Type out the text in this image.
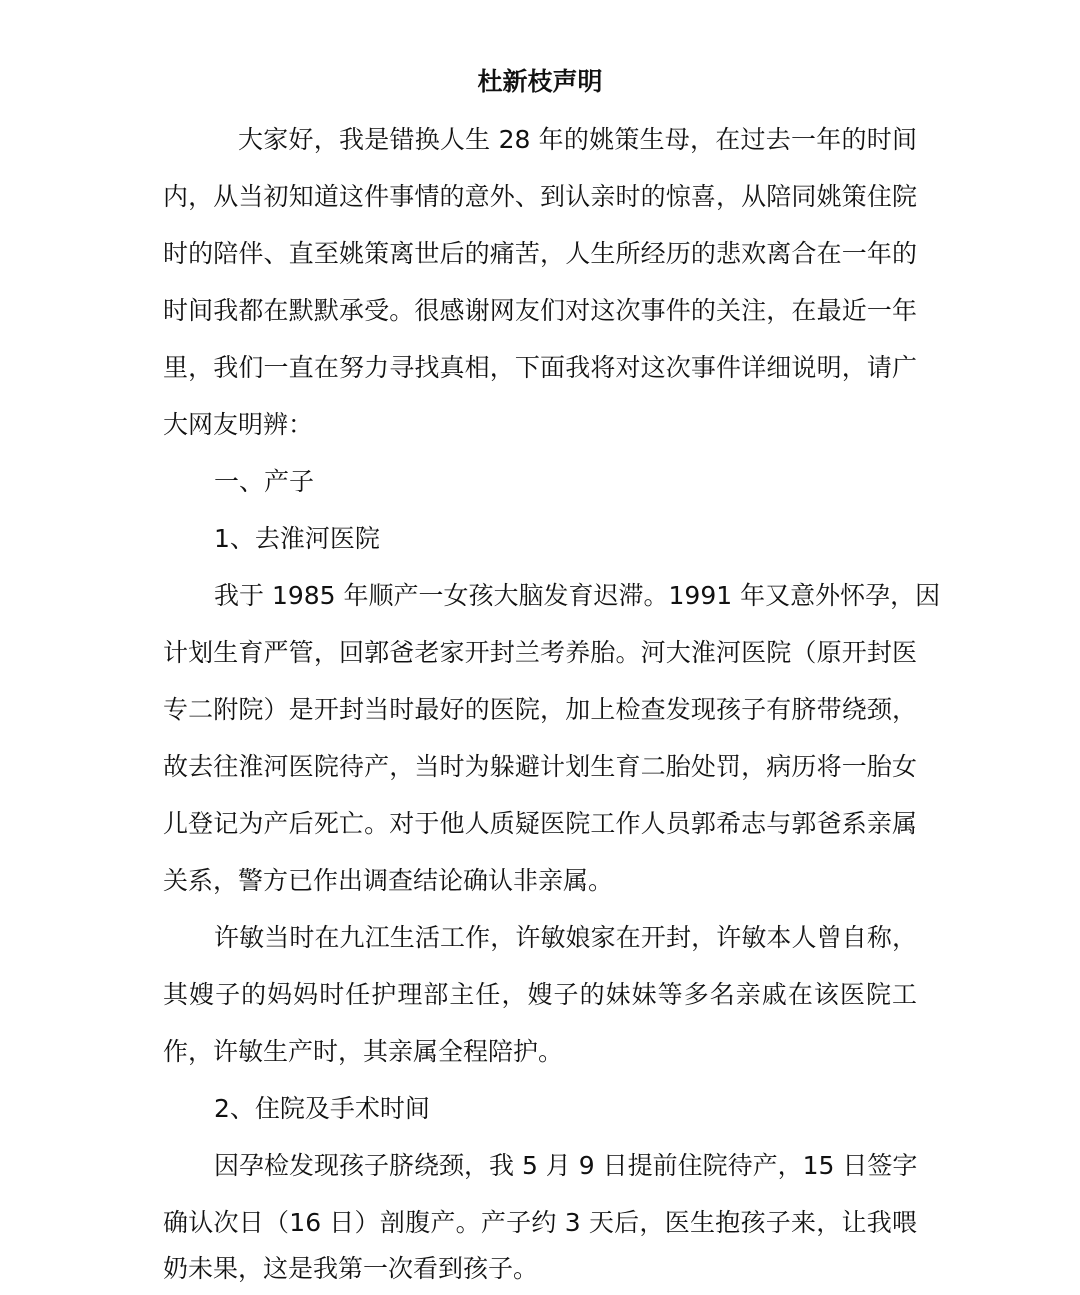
杜新枝声明

大家好，我是错换人生 28 年的姚策生母，在过去一年的时间

内，从当初知道这件事情的意外、到认亲时的惊喜，从陪同姚策住院

时的陪伴、直至姚策离世后的痛苦，人生所经历的悲欢离合在一年的

时间我都在默默承受。很感谢网友们对这次事件的关注，在最近一年

里，我们一直在努力寻找真相，下面我将对这次事件详细说明，请广

大网友明辨：

一、产子

1、去淮河医院

我于 1985 年顺产一女孩大脑发育迟滞。1991 年又意外怀孕，因

计划生育严管，回郭爸老家开封兰考养胎。河大淮河医院（原开封医

专二附院）是开封当时最好的医院，加上检查发现孩子有脐带绕颈，

故去往淮河医院待产，当时为躲避计划生育二胎处罚，病历将一胎女

儿登记为产后死亡。对于他人质疑医院工作人员郭希志与郭爸系亲属

关系，警方已作出调查结论确认非亲属。

许敏当时在九江生活工作，许敏娘家在开封，许敏本人曾自称，

其嫂子的妈妈时任护理部主任，嫂子的妹妹等多名亲戚在该医院工

作，许敏生产时，其亲属全程陪护。

2、住院及手术时间

因孕检发现孩子脐绕颈，我 5 月 9 日提前住院待产，15 日签字

确认次日（16 日）剖腹产。产子约 3 天后，医生抱孩子来，让我喂

奶未果，这是我第一次看到孩子。
